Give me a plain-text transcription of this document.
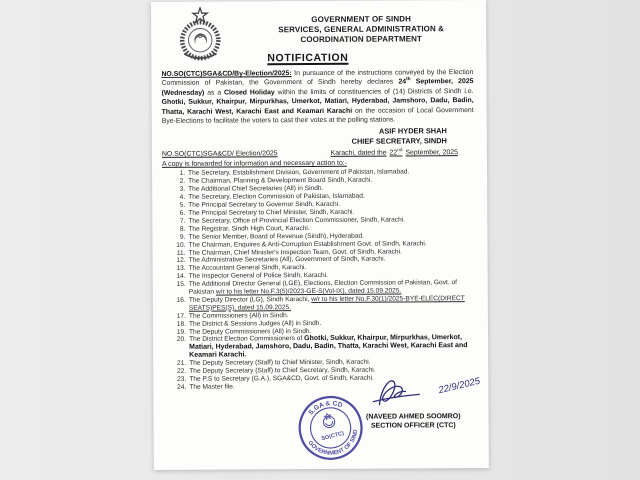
GOVERNMENT OF SINDH
SERVICES, GENERAL ADMINISTRATION &
COORDINATION DEPARTMENT
NOTIFICATION

NO.SO(CTC)SGA&CD/By-Election/2025: In pursuance of the instructions conveyed by the Election Commission of Pakistan, the Government of Sindh hereby declares 24th September, 2025 (Wednesday) as a Closed Holiday within the limits of constituencies of (14) Districts of Sindh i.e. Ghotki, Sukkur, Khairpur, Mirpurkhas, Umerkot, Matiari, Hyderabad, Jamshoro, Dadu, Badin, Thatta, Karachi West, Karachi East and Keamari Karachi on the occasion of Local Government Bye-Elections to facilitate the voters to cast their votes at the polling stations.

ASIF HYDER SHAH
CHIEF SECRETARY, SINDH
NO.SO(CTC)SGA&CD/ Election/2025	Karachi, dated the 22nd September, 2025
A copy is forwarded for information and necessary action to:-
The Secretary, Establishment Division, Government of Pakistan, Islamabad.
The Chairman, Planning & Development Board Sindh, Karachi.
The Additional Chief Secretaries (All) in Sindh.
The Secretary, Election Commission of Pakistan, Islamabad.
The Principal Secretary to Governor Sindh, Karachi.
The Principal Secretary to Chief Minister, Sindh, Karachi.
The Secretary, Office of Provincial Election Commissioner, Sindh, Karachi.
The Registrar, Sindh High Court, Karachi.
The Senior Member, Board of Revenue (Sindh), Hyderabad.
The Chairman, Enquires & Anti-Corruption Establishment Govt. of Sindh, Karachi.
The Chairman, Chief Minister's Inspection Team, Govt. of Sindh, Karachi.
The Administrative Secretaries (All), Government of Sindh, Karachi.
The Accountant General Sindh, Karachi.
The Inspector General of Police Sindh, Karachi.
The Additional Director General (LGE), Elections, Election Commission of Pakistan, Govt. of Pakistan w/r to his letter No.F.3(5)/2023-GE-S(Vol-IX), dated 15.09.2025.
The Deputy Director (LG), Sindh Karachi, w/r to his letter No.F.30(1)/2025-BYE-ELEC(DIRECT SEATS)PES(S), dated 15.09.2025.
The Commissioners (All) in Sindh.
The District & Sessions Judges (All) in Sindh.
The Deputy Commissioners (All) in Sindh.
The District Election Commissioners of Ghotki, Sukkur, Khairpur, Mirpurkhas, Umerkot, Matiari, Hyderabad, Jamshoro, Dadu, Badin, Thatta, Karachi West, Karachi East and Keamari Karachi.
The Deputy Secretary (Staff) to Chief Minister, Sindh, Karachi.
The Deputy Secretary (Staff) to Chief Secretary, Sindh, Karachi.
The P.S to Secretary (G.A.), SGA&CD, Govt. of Sindh, Karachi.
The Master file.
S.GA & CD
GOVERNMENT OF SIND
SO(CTC)
22/9/2025
(NAVEED AHMED SOOMRO)
SECTION OFFICER (CTC)
